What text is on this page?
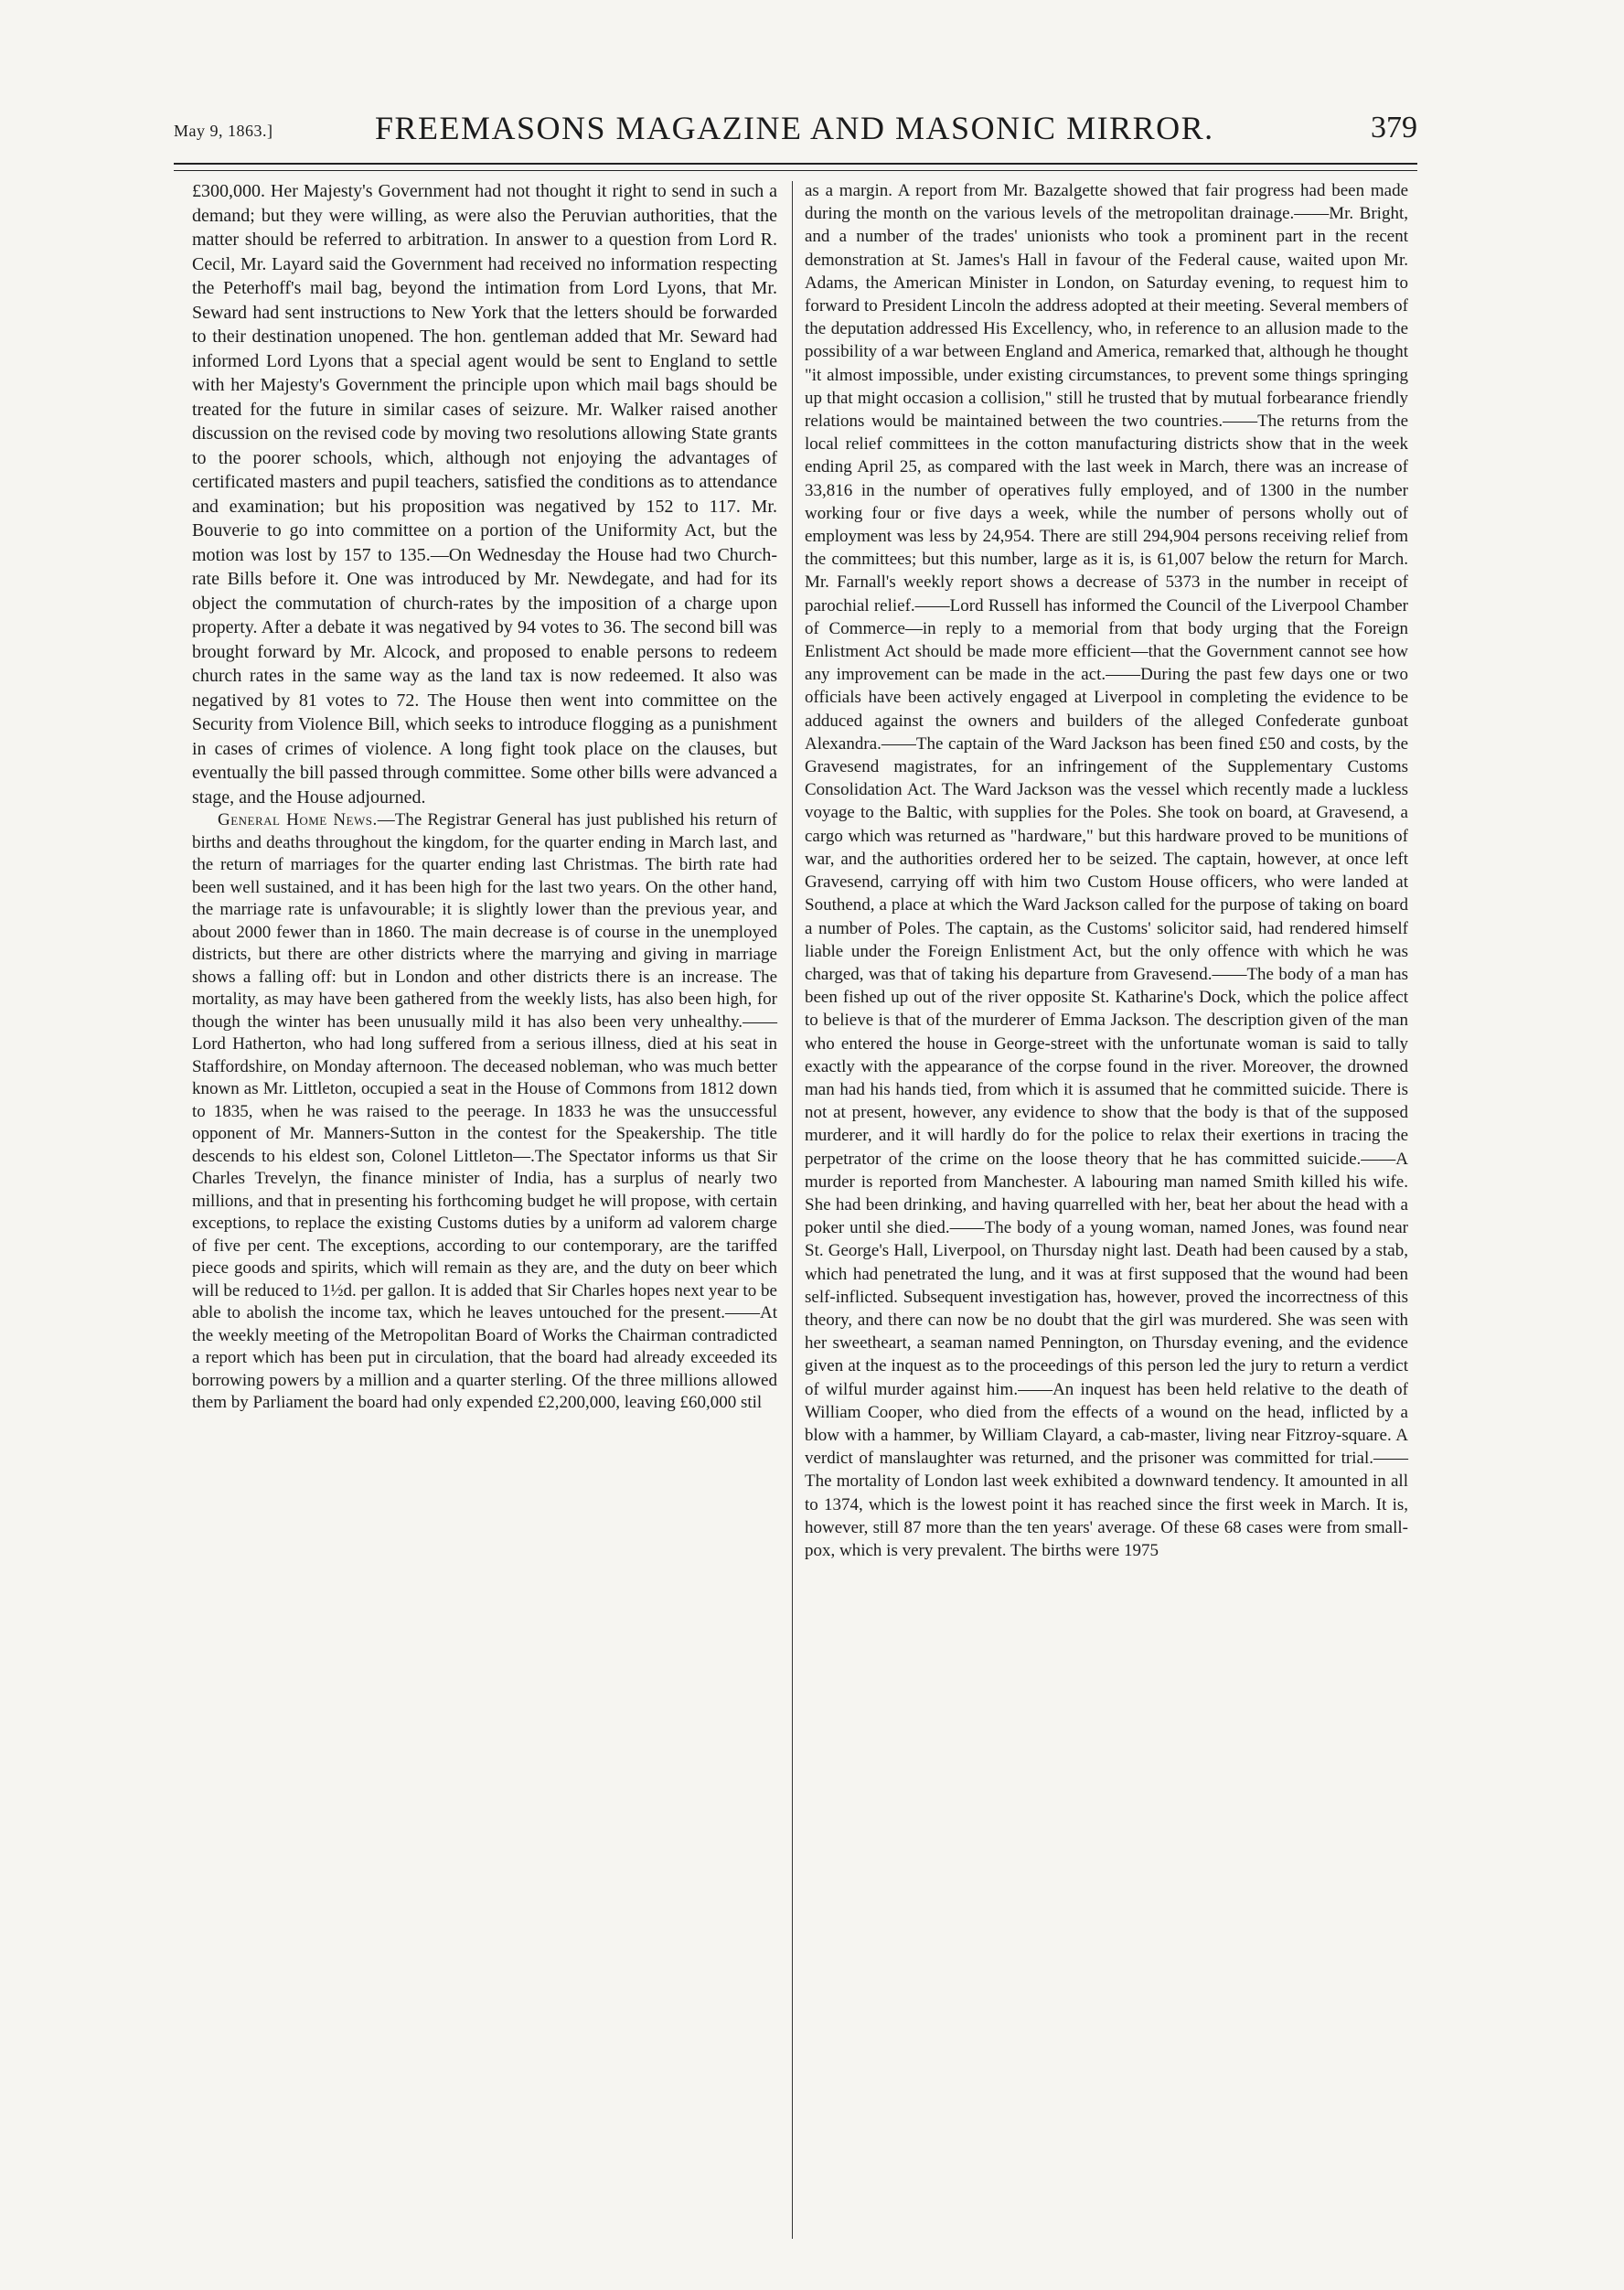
May 9, 1863.]	FREEMASONS MAGAZINE AND MASONIC MIRROR.	379

£300,000. Her Majesty's Government had not thought it right to send in such a demand; but they were willing, as were also the Peruvian authorities, that the matter should be referred to arbitration. In answer to a question from Lord R. Cecil, Mr. Layard said the Government had received no information respecting the Peterhoff's mail bag, beyond the intimation from Lord Lyons, that Mr. Seward had sent instructions to New York that the letters should be forwarded to their destination unopened. The hon. gentleman added that Mr. Seward had informed Lord Lyons that a special agent would be sent to England to settle with her Majesty's Government the principle upon which mail bags should be treated for the future in similar cases of seizure. Mr. Walker raised another discussion on the revised code by moving two resolutions allowing State grants to the poorer schools, which, although not enjoying the advantages of certificated masters and pupil teachers, satisfied the conditions as to attendance and examination; but his proposition was negatived by 152 to 117. Mr. Bouverie to go into committee on a portion of the Uniformity Act, but the motion was lost by 157 to 135.—On Wednesday the House had two Church-rate Bills before it. One was introduced by Mr. Newdegate, and had for its object the commutation of church-rates by the imposition of a charge upon property. After a debate it was negatived by 94 votes to 36. The second bill was brought forward by Mr. Alcock, and proposed to enable persons to redeem church rates in the same way as the land tax is now redeemed. It also was negatived by 81 votes to 72. The House then went into committee on the Security from Violence Bill, which seeks to introduce flogging as a punishment in cases of crimes of violence. A long fight took place on the clauses, but eventually the bill passed through committee. Some other bills were advanced a stage, and the House adjourned.

General Home News.—The Registrar General has just published his return of births and deaths throughout the kingdom, for the quarter ending in March last, and the return of marriages for the quarter ending last Christmas. The birth rate had been well sustained, and it has been high for the last two years. On the other hand, the marriage rate is unfavourable; it is slightly lower than the previous year, and about 2000 fewer than in 1860. The main decrease is of course in the unemployed districts, but there are other districts where the marrying and giving in marriage shows a falling off: but in London and other districts there is an increase. The mortality, as may have been gathered from the weekly lists, has also been high, for though the winter has been unusually mild it has also been very unhealthy.——Lord Hatherton, who had long suffered from a serious illness, died at his seat in Staffordshire, on Monday afternoon. The deceased nobleman, who was much better known as Mr. Littleton, occupied a seat in the House of Commons from 1812 down to 1835, when he was raised to the peerage. In 1833 he was the unsuccessful opponent of Mr. Manners-Sutton in the contest for the Speakership. The title descends to his eldest son, Colonel Littleton—.The Spectator informs us that Sir Charles Trevelyn, the finance minister of India, has a surplus of nearly two millions, and that in presenting his forthcoming budget he will propose, with certain exceptions, to replace the existing Customs duties by a uniform ad valorem charge of five per cent. The exceptions, according to our contemporary, are the tariffed piece goods and spirits, which will remain as they are, and the duty on beer which will be reduced to 1½d. per gallon. It is added that Sir Charles hopes next year to be able to abolish the income tax, which he leaves untouched for the present.——At the weekly meeting of the Metropolitan Board of Works the Chairman contradicted a report which has been put in circulation, that the board had already exceeded its borrowing powers by a million and a quarter sterling. Of the three millions allowed them by Parliament the board had only expended £2,200,000, leaving £60,000 stil

as a margin. A report from Mr. Bazalgette showed that fair progress had been made during the month on the various levels of the metropolitan drainage.——Mr. Bright, and a number of the trades' unionists who took a prominent part in the recent demonstration at St. James's Hall in favour of the Federal cause, waited upon Mr. Adams, the American Minister in London, on Saturday evening, to request him to forward to President Lincoln the address adopted at their meeting. Several members of the deputation addressed His Excellency, who, in reference to an allusion made to the possibility of a war between England and America, remarked that, although he thought "it almost impossible, under existing circumstances, to prevent some things springing up that might occasion a collision," still he trusted that by mutual forbearance friendly relations would be maintained between the two countries.——The returns from the local relief committees in the cotton manufacturing districts show that in the week ending April 25, as compared with the last week in March, there was an increase of 33,816 in the number of operatives fully employed, and of 1300 in the number working four or five days a week, while the number of persons wholly out of employment was less by 24,954. There are still 294,904 persons receiving relief from the committees; but this number, large as it is, is 61,007 below the return for March. Mr. Farnall's weekly report shows a decrease of 5373 in the number in receipt of parochial relief.——Lord Russell has informed the Council of the Liverpool Chamber of Commerce—in reply to a memorial from that body urging that the Foreign Enlistment Act should be made more efficient—that the Government cannot see how any improvement can be made in the act.——During the past few days one or two officials have been actively engaged at Liverpool in completing the evidence to be adduced against the owners and builders of the alleged Confederate gunboat Alexandra.——The captain of the Ward Jackson has been fined £50 and costs, by the Gravesend magistrates, for an infringement of the Supplementary Customs Consolidation Act. The Ward Jackson was the vessel which recently made a luckless voyage to the Baltic, with supplies for the Poles. She took on board, at Gravesend, a cargo which was returned as "hardware," but this hardware proved to be munitions of war, and the authorities ordered her to be seized. The captain, however, at once left Gravesend, carrying off with him two Custom House officers, who were landed at Southend, a place at which the Ward Jackson called for the purpose of taking on board a number of Poles. The captain, as the Customs' solicitor said, had rendered himself liable under the Foreign Enlistment Act, but the only offence with which he was charged, was that of taking his departure from Gravesend.——The body of a man has been fished up out of the river opposite St. Katharine's Dock, which the police affect to believe is that of the murderer of Emma Jackson. The description given of the man who entered the house in George-street with the unfortunate woman is said to tally exactly with the appearance of the corpse found in the river. Moreover, the drowned man had his hands tied, from which it is assumed that he committed suicide. There is not at present, however, any evidence to show that the body is that of the supposed murderer, and it will hardly do for the police to relax their exertions in tracing the perpetrator of the crime on the loose theory that he has committed suicide.——A murder is reported from Manchester. A labouring man named Smith killed his wife. She had been drinking, and having quarrelled with her, beat her about the head with a poker until she died.——The body of a young woman, named Jones, was found near St. George's Hall, Liverpool, on Thursday night last. Death had been caused by a stab, which had penetrated the lung, and it was at first supposed that the wound had been self-inflicted. Subsequent investigation has, however, proved the incorrectness of this theory, and there can now be no doubt that the girl was murdered. She was seen with her sweetheart, a seaman named Pennington, on Thursday evening, and the evidence given at the inquest as to the proceedings of this person led the jury to return a verdict of wilful murder against him.——An inquest has been held relative to the death of William Cooper, who died from the effects of a wound on the head, inflicted by a blow with a hammer, by William Clayard, a cab-master, living near Fitzroy-square. A verdict of manslaughter was returned, and the prisoner was committed for trial.——The mortality of London last week exhibited a downward tendency. It amounted in all to 1374, which is the lowest point it has reached since the first week in March. It is, however, still 87 more than the ten years' average. Of these 68 cases were from small-pox, which is very prevalent. The births were 1975
